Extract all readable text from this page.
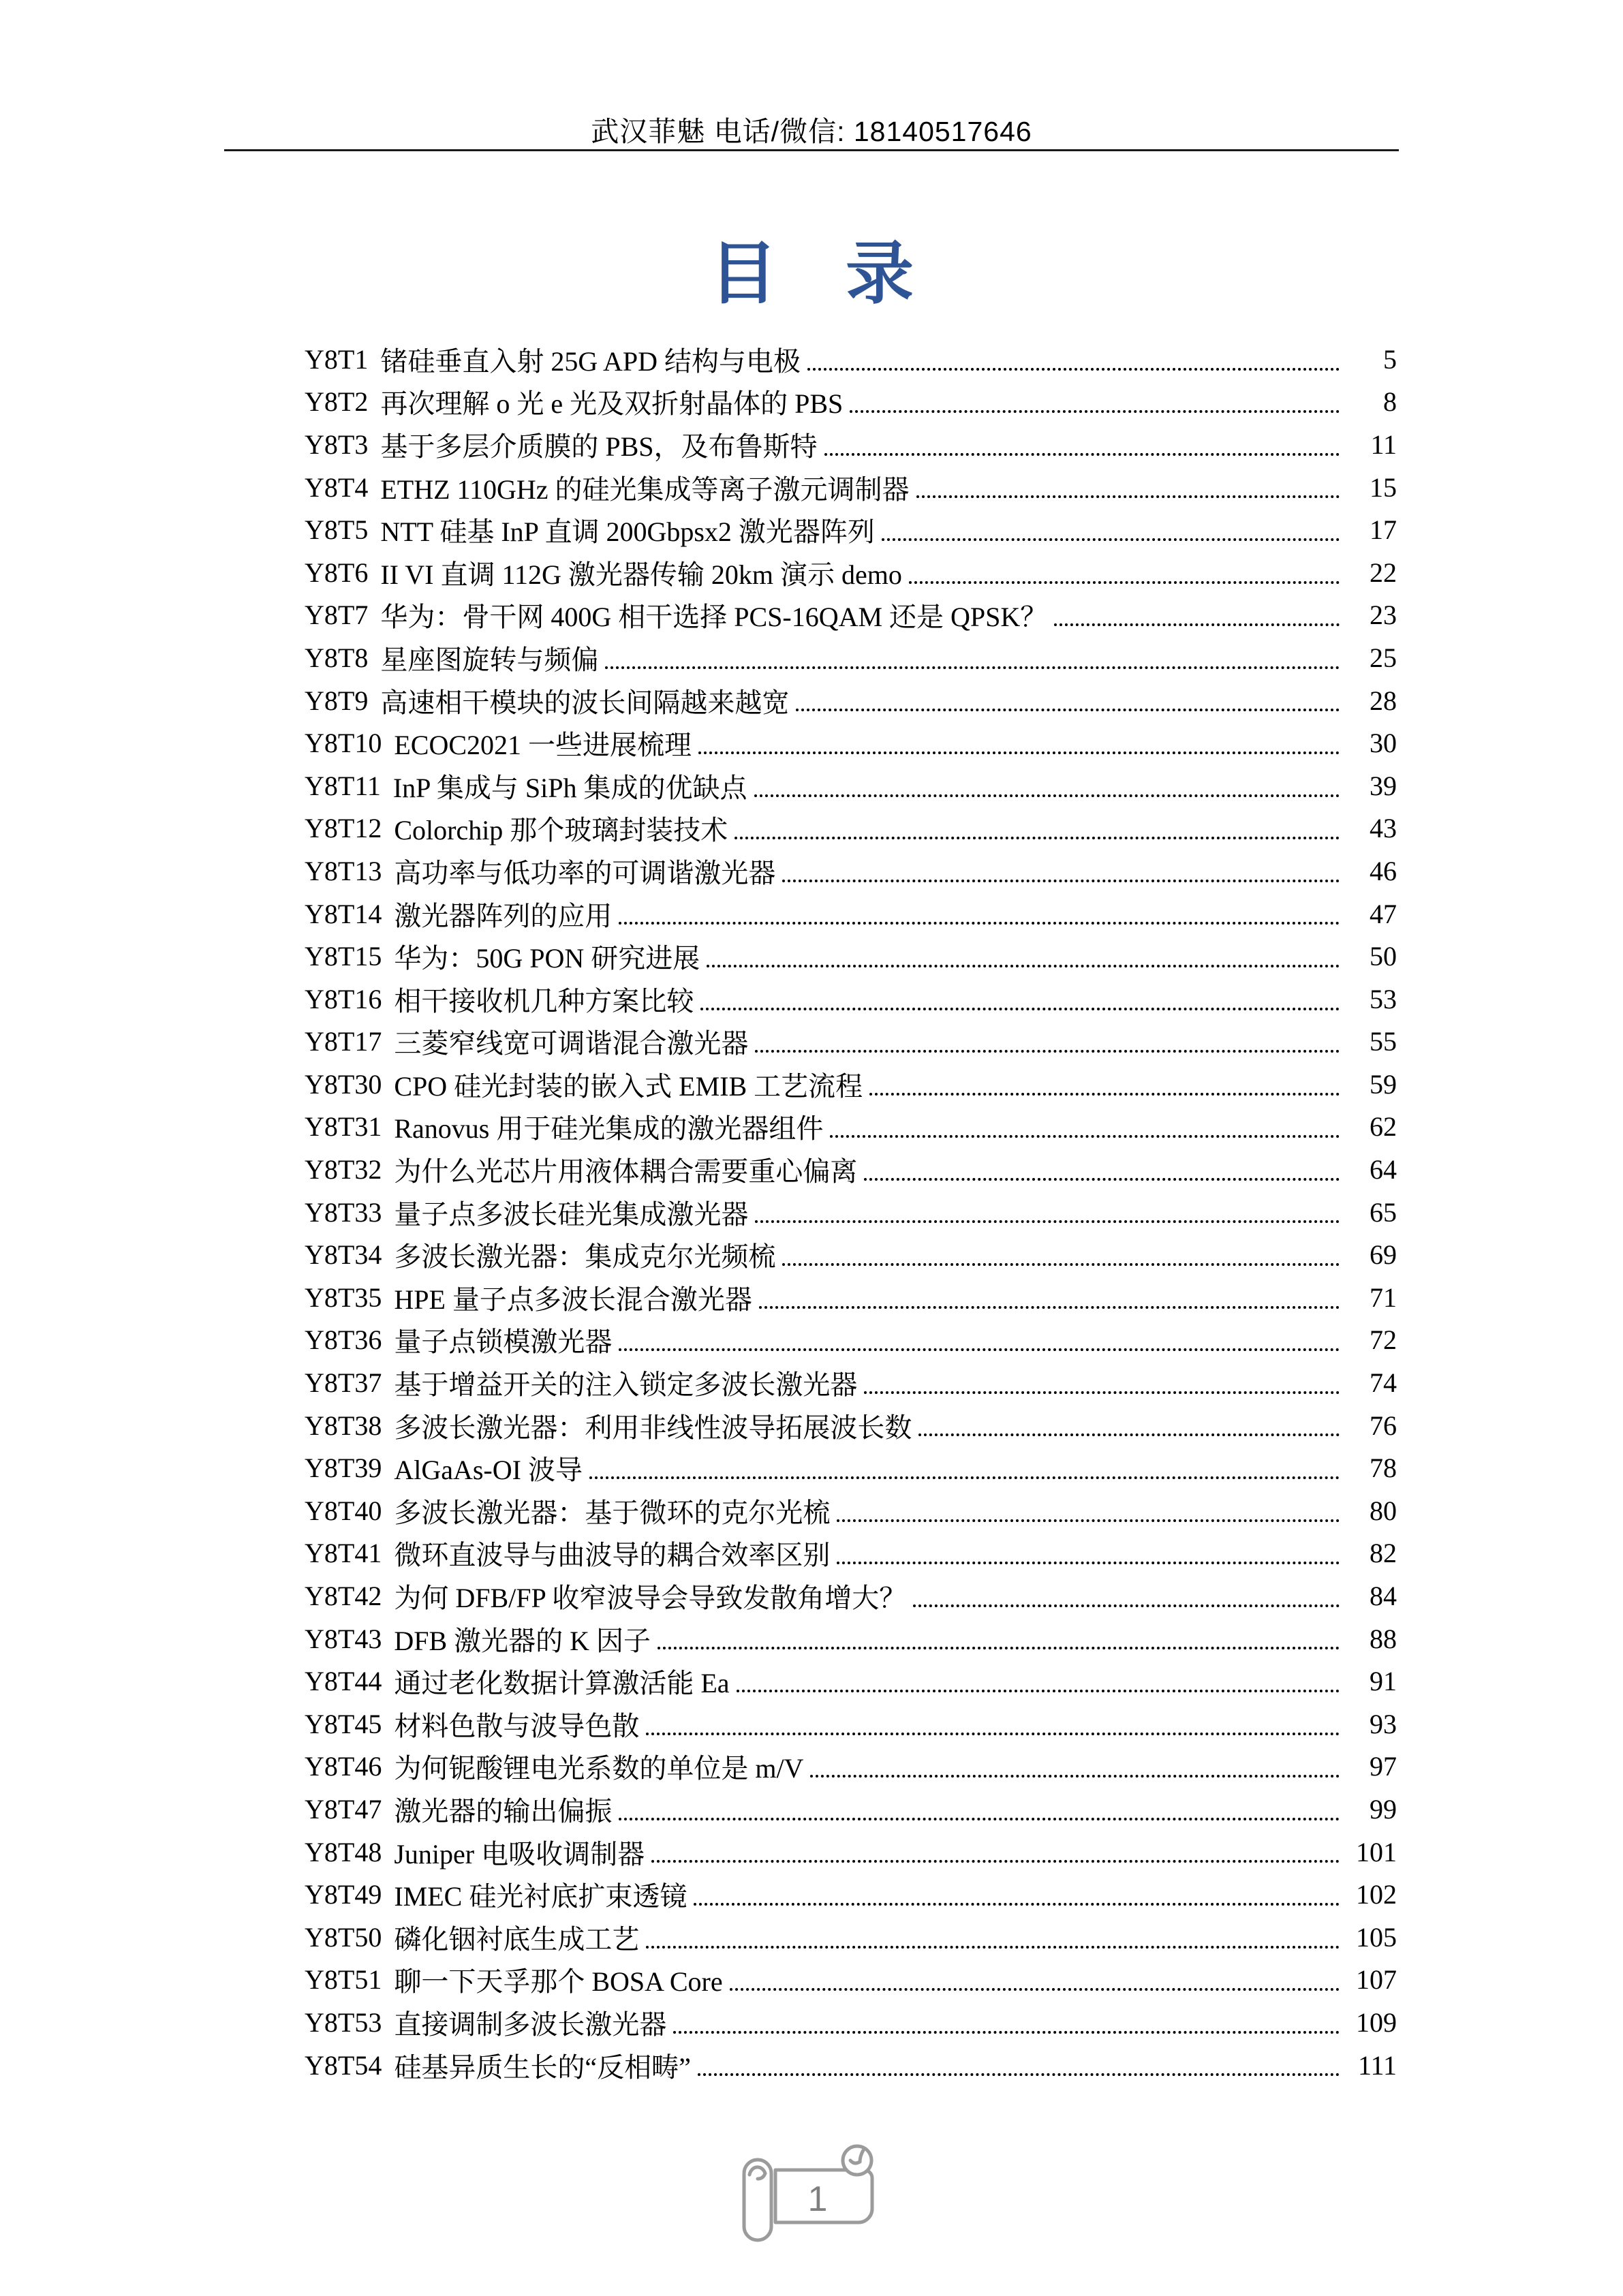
武汉菲魅 电话/微信: 18140517646
目　录
Y8T1 锗硅垂直入射 25G APD 结构与电极	5
Y8T2 再次理解 o 光 e 光及双折射晶体的 PBS	8
Y8T3 基于多层介质膜的 PBS，及布鲁斯特	11
Y8T4 ETHZ 110GHz 的硅光集成等离子激元调制器	15
Y8T5 NTT 硅基 InP 直调 200Gbpsx2 激光器阵列	17
Y8T6 II VI 直调 112G 激光器传输 20km 演示 demo	22
Y8T7 华为：骨干网 400G 相干选择 PCS-16QAM 还是 QPSK？	23
Y8T8 星座图旋转与频偏	25
Y8T9 高速相干模块的波长间隔越来越宽	28
Y8T10 ECOC2021 一些进展梳理	30
Y8T11 InP 集成与 SiPh 集成的优缺点	39
Y8T12 Colorchip 那个玻璃封装技术	43
Y8T13 高功率与低功率的可调谐激光器	46
Y8T14 激光器阵列的应用	47
Y8T15 华为：50G PON 研究进展	50
Y8T16 相干接收机几种方案比较	53
Y8T17 三菱窄线宽可调谐混合激光器	55
Y8T30 CPO 硅光封装的嵌入式 EMIB 工艺流程	59
Y8T31 Ranovus 用于硅光集成的激光器组件	62
Y8T32 为什么光芯片用液体耦合需要重心偏离	64
Y8T33 量子点多波长硅光集成激光器	65
Y8T34 多波长激光器：集成克尔光频梳	69
Y8T35 HPE 量子点多波长混合激光器	71
Y8T36 量子点锁模激光器	72
Y8T37 基于增益开关的注入锁定多波长激光器	74
Y8T38 多波长激光器：利用非线性波导拓展波长数	76
Y8T39 AlGaAs-OI 波导	78
Y8T40 多波长激光器：基于微环的克尔光梳	80
Y8T41 微环直波导与曲波导的耦合效率区别	82
Y8T42 为何 DFB/FP 收窄波导会导致发散角增大？	84
Y8T43 DFB 激光器的 K 因子	88
Y8T44 通过老化数据计算激活能 Ea	91
Y8T45 材料色散与波导色散	93
Y8T46 为何铌酸锂电光系数的单位是 m/V	97
Y8T47 激光器的输出偏振	99
Y8T48 Juniper 电吸收调制器	101
Y8T49 IMEC 硅光衬底扩束透镜	102
Y8T50 磷化铟衬底生成工艺	105
Y8T51 聊一下天孚那个 BOSA Core	107
Y8T53 直接调制多波长激光器	109
Y8T54 硅基异质生长的“反相畴”	111
1
